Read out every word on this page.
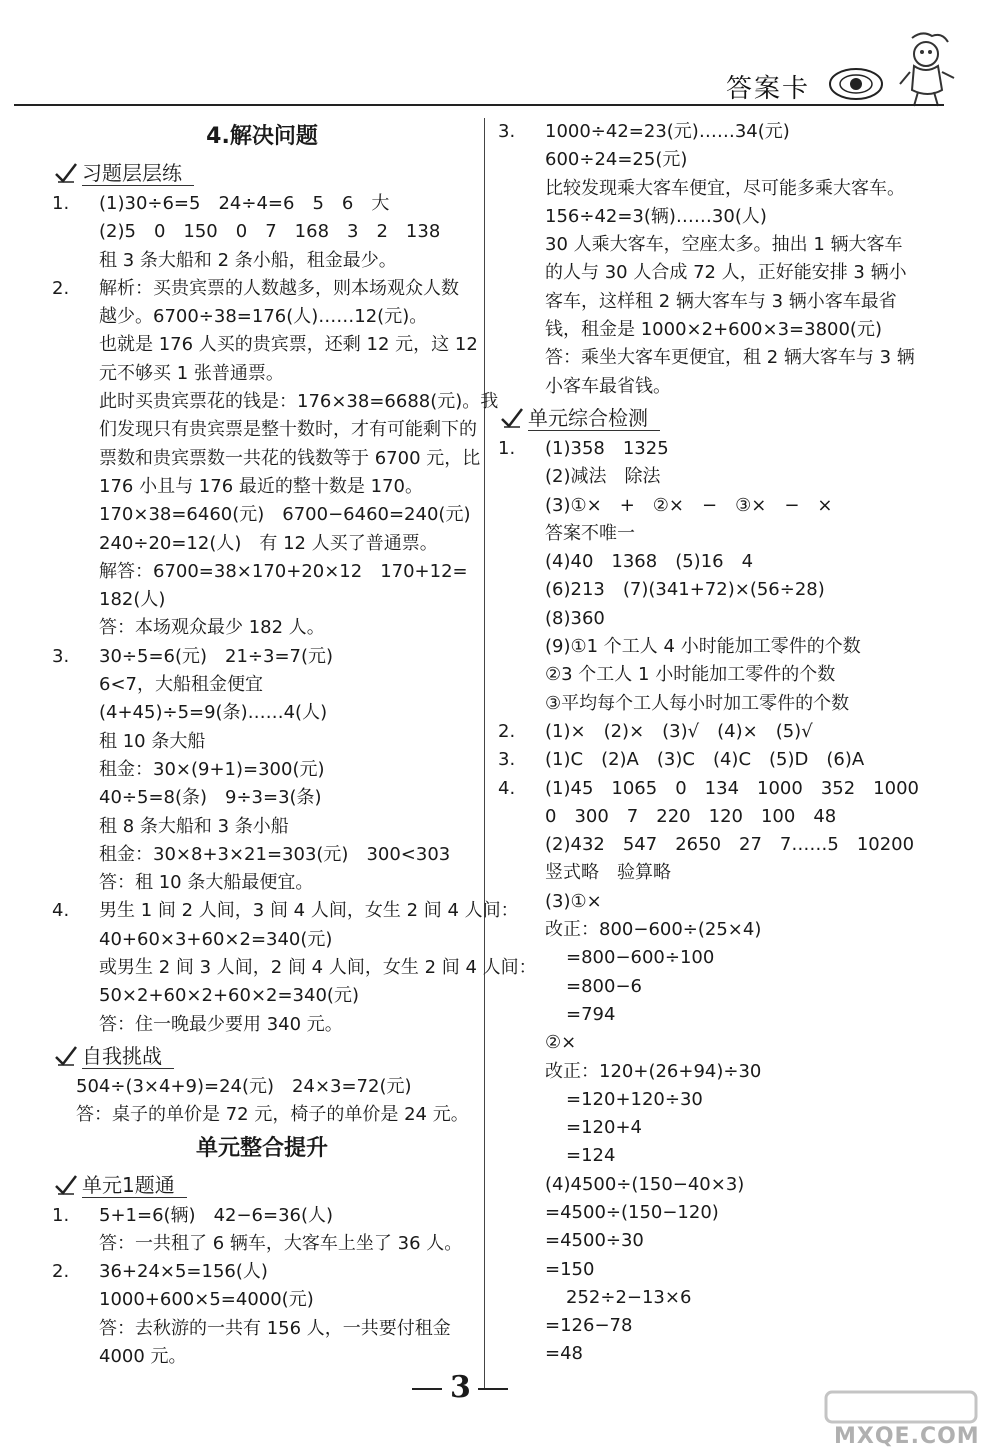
答案卡
4.解决问题
习题层层练
1. (1)30÷6=5　24÷4=6　5　6　大
(2)5　0　150　0　7　168　3　2　138
租 3 条大船和 2 条小船，租金最少。
2. 解析：买贵宾票的人数越多，则本场观众人数
越少。6700÷38=176(人)……12(元)。
也就是 176 人买的贵宾票，还剩 12 元，这 12
元不够买 1 张普通票。
此时买贵宾票花的钱是：176×38=6688(元)。我
们发现只有贵宾票是整十数时，才有可能剩下的
票数和贵宾票数一共花的钱数等于 6700 元，比
176 小且与 176 最近的整十数是 170。
170×38=6460(元)　6700−6460=240(元)
240÷20=12(人)　有 12 人买了普通票。
解答：6700=38×170+20×12　170+12=
182(人)
答：本场观众最少 182 人。
3. 30÷5=6(元)　21÷3=7(元)
6<7，大船租金便宜
(4+45)÷5=9(条)……4(人)
租 10 条大船
租金：30×(9+1)=300(元)
40÷5=8(条)　9÷3=3(条)
租 8 条大船和 3 条小船
租金：30×8+3×21=303(元)　300<303
答：租 10 条大船最便宜。
4. 男生 1 间 2 人间，3 间 4 人间，女生 2 间 4 人间：
40+60×3+60×2=340(元)
或男生 2 间 3 人间，2 间 4 人间，女生 2 间 4 人间：
50×2+60×2+60×2=340(元)
答：住一晚最少要用 340 元。
自我挑战
504÷(3×4+9)=24(元)　24×3=72(元)
答：桌子的单价是 72 元，椅子的单价是 24 元。
单元整合提升
单元1题通
1. 5+1=6(辆)　42−6=36(人)
答：一共租了 6 辆车，大客车上坐了 36 人。
2. 36+24×5=156(人)
1000+600×5=4000(元)
答：去秋游的一共有 156 人，一共要付租金
4000 元。
3. 1000÷42=23(元)……34(元)
600÷24=25(元)
比较发现乘大客车便宜，尽可能多乘大客车。
156÷42=3(辆)……30(人)
30 人乘大客车，空座太多。抽出 1 辆大客车
的人与 30 人合成 72 人，正好能安排 3 辆小
客车，这样租 2 辆大客车与 3 辆小客车最省
钱，租金是 1000×2+600×3=3800(元)
答：乘坐大客车更便宜，租 2 辆大客车与 3 辆
小客车最省钱。
单元综合检测
1. (1)358　1325
(2)减法　除法
(3)①×　+　②×　−　③×　−　×
答案不唯一
(4)40　1368　(5)16　4
(6)213　(7)(341+72)×(56÷28)
(8)360
(9)①1 个工人 4 小时能加工零件的个数
②3 个工人 1 小时能加工零件的个数
③平均每个工人每小时加工零件的个数
2. (1)×　(2)×　(3)√　(4)×　(5)√
3. (1)C　(2)A　(3)C　(4)C　(5)D　(6)A
4. (1)45　1065　0　134　1000　352　1000
0　300　7　220　120　100　48
(2)432　547　2650　27　7……5　10200
竖式略　验算略
(3)①×
改正：800−600÷(25×4)
=800−600÷100
=800−6
=794
②×
改正：120+(26+94)÷30
=120+120÷30
=120+4
=124
(4)4500÷(150−40×3)
=4500÷(150−120)
=4500÷30
=150
252÷2−13×6
=126−78
=48
3
MXQE.COM
